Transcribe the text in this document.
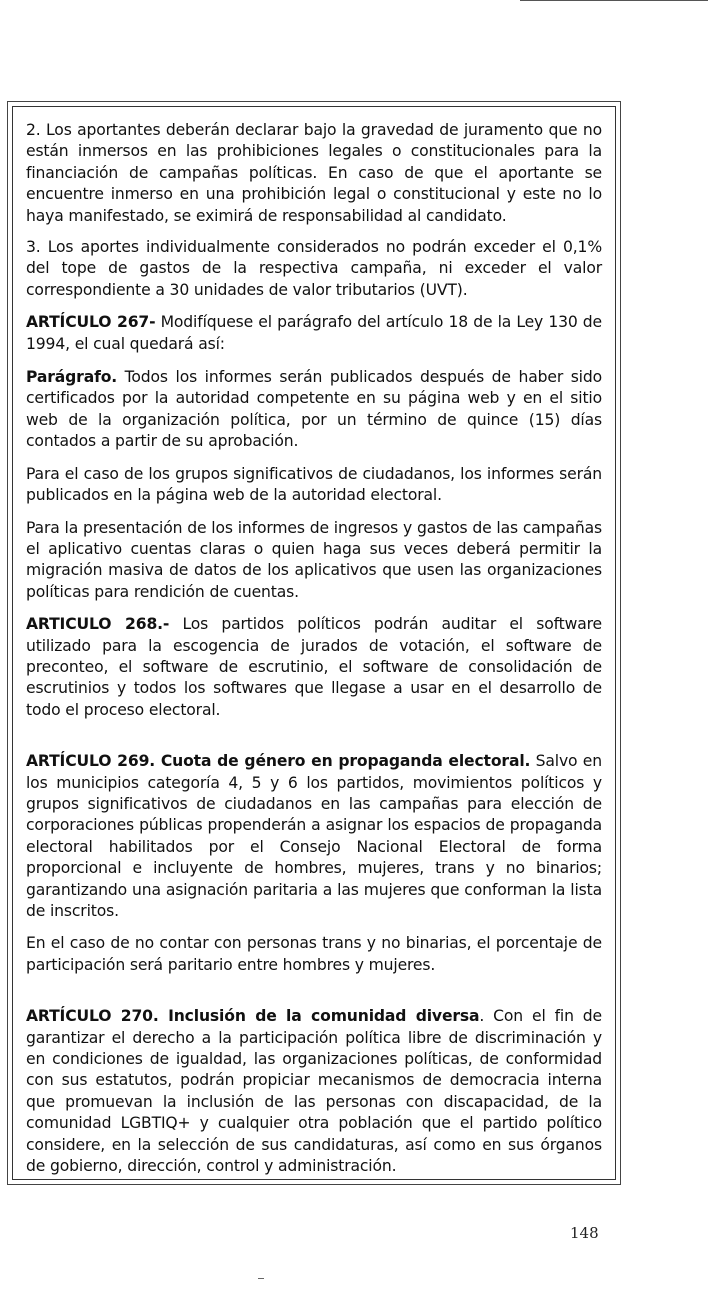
2. Los aportantes deberán declarar bajo la gravedad de juramento que no están inmersos en las prohibiciones legales o constitucionales para la financiación de campañas políticas. En caso de que el aportante se encuentre inmerso en una prohibición legal o constitucional y este no lo haya manifestado, se eximirá de responsabilidad al candidato.

3. Los aportes individualmente considerados no podrán exceder el 0,1% del tope de gastos de la respectiva campaña, ni exceder el valor correspondiente a 30 unidades de valor tributarios (UVT).

ARTÍCULO 267- Modifíquese el parágrafo del artículo 18 de la Ley 130 de 1994, el cual quedará así:

Parágrafo. Todos los informes serán publicados después de haber sido certificados por la autoridad competente en su página web y en el sitio web de la organización política, por un término de quince (15) días contados a partir de su aprobación.

Para el caso de los grupos significativos de ciudadanos, los informes serán publicados en la página web de la autoridad electoral.

Para la presentación de los informes de ingresos y gastos de las campañas el aplicativo cuentas claras o quien haga sus veces deberá permitir la migración masiva de datos de los aplicativos que usen las organizaciones políticas para rendición de cuentas.

ARTICULO 268.- Los partidos políticos podrán auditar el software utilizado para la escogencia de jurados de votación, el software de preconteo, el software de escrutinio, el software de consolidación de escrutinios y todos los softwares que llegase a usar en el desarrollo de todo el proceso electoral.

ARTÍCULO 269. Cuota de género en propaganda electoral. Salvo en los municipios categoría 4, 5 y 6 los partidos, movimientos políticos y grupos significativos de ciudadanos en las campañas para elección de corporaciones públicas propenderán a asignar los espacios de propaganda electoral habilitados por el Consejo Nacional Electoral de forma proporcional e incluyente de hombres, mujeres, trans y no binarios; garantizando una asignación paritaria a las mujeres que conforman la lista de inscritos.

En el caso de no contar con personas trans y no binarias, el porcentaje de participación será paritario entre hombres y mujeres.

ARTÍCULO 270. Inclusión de la comunidad diversa. Con el fin de garantizar el derecho a la participación política libre de discriminación y en condiciones de igualdad, las organizaciones políticas, de conformidad con sus estatutos, podrán propiciar mecanismos de democracia interna que promuevan la inclusión de las personas con discapacidad, de la comunidad LGBTIQ+ y cualquier otra población que el partido político considere, en la selección de sus candidaturas, así como en sus órganos de gobierno, dirección, control y administración.

148
